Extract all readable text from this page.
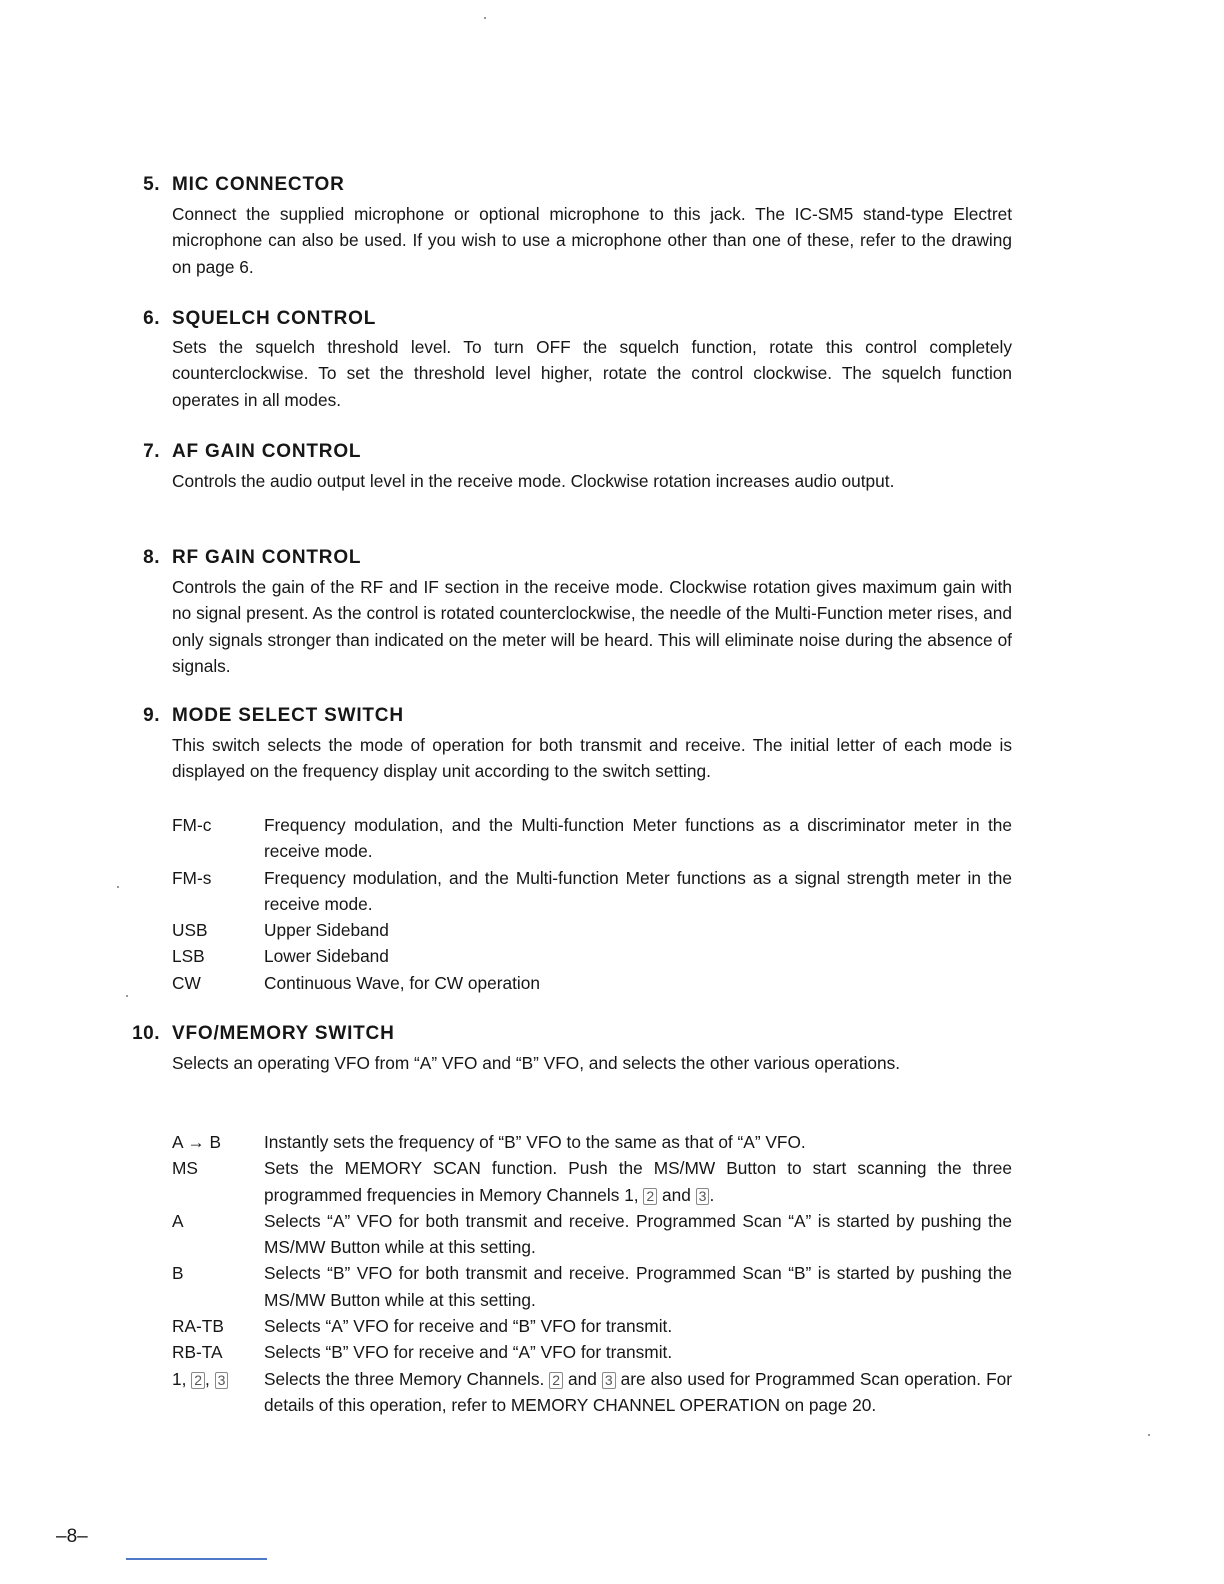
5. MIC CONNECTOR
Connect the supplied microphone or optional microphone to this jack. The IC-SM5 stand-type Electret microphone can also be used. If you wish to use a microphone other than one of these, refer to the drawing on page 6.
6. SQUELCH CONTROL
Sets the squelch threshold level. To turn OFF the squelch function, rotate this control completely counterclockwise. To set the threshold level higher, rotate the control clockwise. The squelch function operates in all modes.
7. AF GAIN CONTROL
Controls the audio output level in the receive mode. Clockwise rotation increases audio output.
8. RF GAIN CONTROL
Controls the gain of the RF and IF section in the receive mode. Clockwise rotation gives maximum gain with no signal present. As the control is rotated counterclockwise, the needle of the Multi-Function meter rises, and only signals stronger than indicated on the meter will be heard. This will eliminate noise during the absence of signals.
9. MODE SELECT SWITCH
This switch selects the mode of operation for both transmit and receive. The initial letter of each mode is displayed on the frequency display unit according to the switch setting.
FM-c	Frequency modulation, and the Multi-function Meter functions as a discriminator meter in the receive mode.
FM-s	Frequency modulation, and the Multi-function Meter functions as a signal strength meter in the receive mode.
USB	Upper Sideband
LSB	Lower Sideband
CW	Continuous Wave, for CW operation
10. VFO/MEMORY SWITCH
Selects an operating VFO from “A” VFO and “B” VFO, and selects the other various operations.
A → B	Instantly sets the frequency of “B” VFO to the same as that of “A” VFO.
MS	Sets the MEMORY SCAN function. Push the MS/MW Button to start scanning the three programmed frequencies in Memory Channels 1, 2 and 3 .
A	Selects “A” VFO for both transmit and receive. Programmed Scan “A” is started by pushing the MS/MW Button while at this setting.
B	Selects “B” VFO for both transmit and receive. Programmed Scan “B” is started by pushing the MS/MW Button while at this setting.
RA-TB	Selects “A” VFO for receive and “B” VFO for transmit.
RB-TA	Selects “B” VFO for receive and “A” VFO for transmit.
1, 2 , 3	Selects the three Memory Channels. 2 and 3 are also used for Programmed Scan operation. For details of this operation, refer to MEMORY CHANNEL OPERATION on page 20.
–8–
